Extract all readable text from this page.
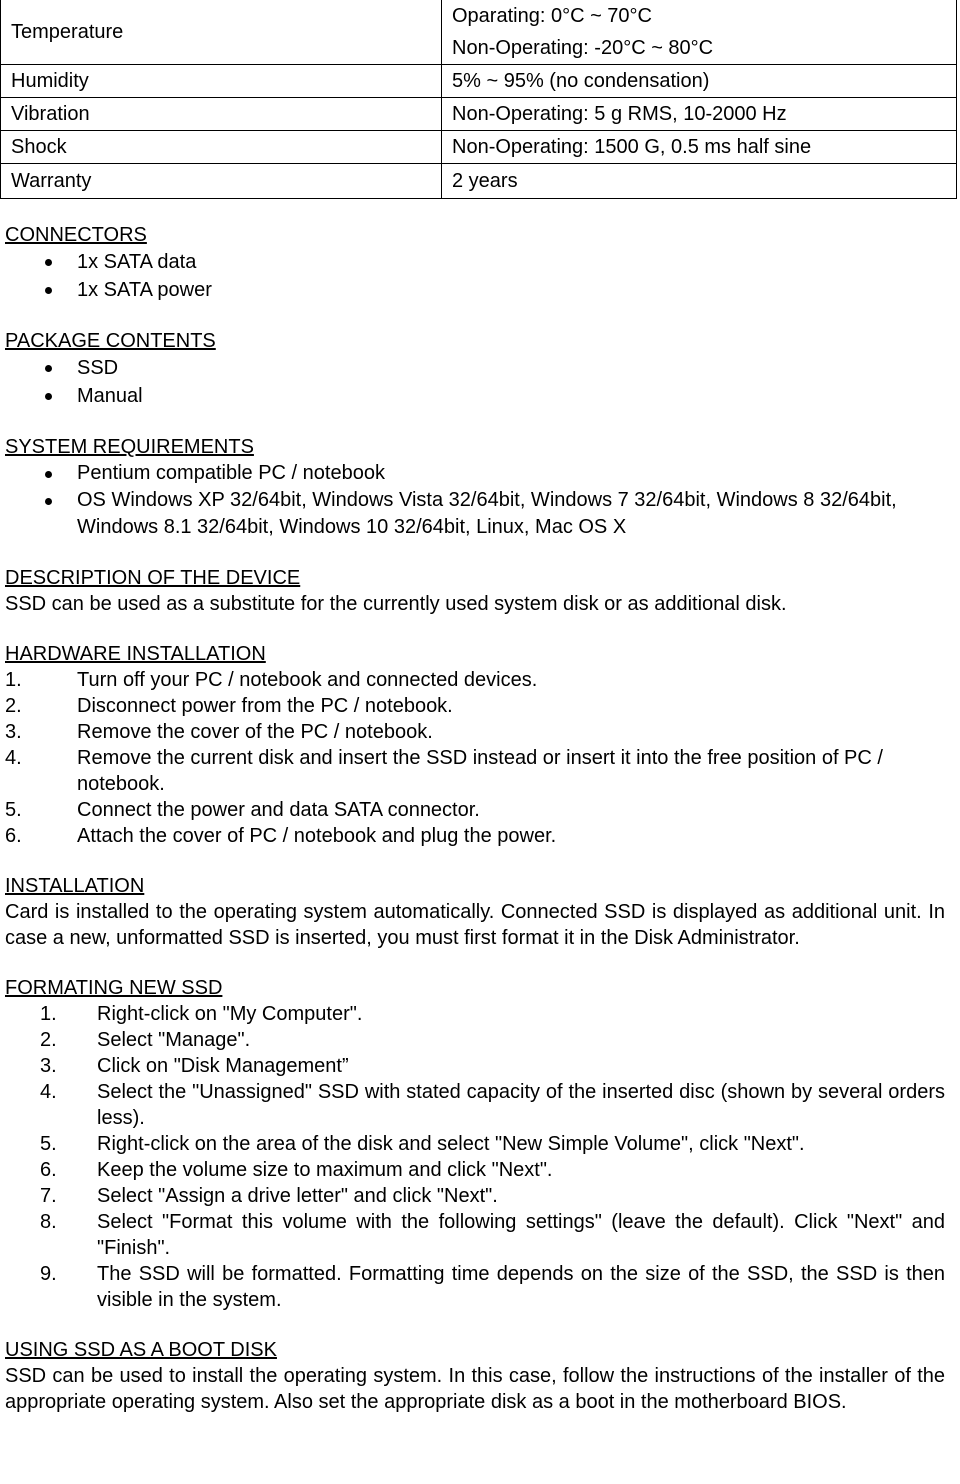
Temperature	Oparating: 0°C ~ 70°C
Non-Operating: -20°C ~ 80°C

Humidity	5% ~ 95% (no condensation)
Vibration	Non-Operating: 5 g RMS, 10-2000 Hz
Shock	Non-Operating: 1500 G, 0.5 ms half sine
Warranty	2 years
CONNECTORS
1x SATA data
1x SATA power
PACKAGE CONTENTS
SSD
Manual
SYSTEM REQUIREMENTS
Pentium compatible PC / notebook
OS Windows XP 32/64bit, Windows Vista 32/64bit, Windows 7 32/64bit, Windows 8 32/64bit, Windows 8.1 32/64bit, Windows 10 32/64bit, Linux, Mac OS X
DESCRIPTION OF THE DEVICE

SSD can be used as a substitute for the currently used system disk or as additional disk.

HARDWARE INSTALLATION
1.	Turn off your PC / notebook and connected devices.
2.	Disconnect power from the PC / notebook.
3.	Remove the cover of the PC / notebook.
4.	Remove the current disk and insert the SSD instead or insert it into the free position of PC / notebook.
5.	Connect the power and data SATA connector.
6.	Attach the cover of PC / notebook and plug the power.
INSTALLATION

Card is installed to the operating system automatically. Connected SSD is displayed as additional unit. In case a new, unformatted SSD is inserted, you must first format it in the Disk Administrator.

FORMATING NEW SSD
1. Right-click on "My Computer".
2. Select "Manage".
3. Click on "Disk Management”
4. Select the "Unassigned" SSD with stated capacity of the inserted disc (shown by several orders less).
5. Right-click on the area of the disk and select "New Simple Volume", click "Next".
6. Keep the volume size to maximum and click "Next".
7. Select "Assign a drive letter" and click "Next".
8. Select "Format this volume with the following settings" (leave the default). Click "Next" and "Finish".
9. The SSD will be formatted. Formatting time depends on the size of the SSD, the SSD is then visible in the system.
USING SSD AS A BOOT DISK

SSD can be used to install the operating system. In this case, follow the instructions of the installer of the appropriate operating system. Also set the appropriate disk as a boot in the motherboard BIOS.
